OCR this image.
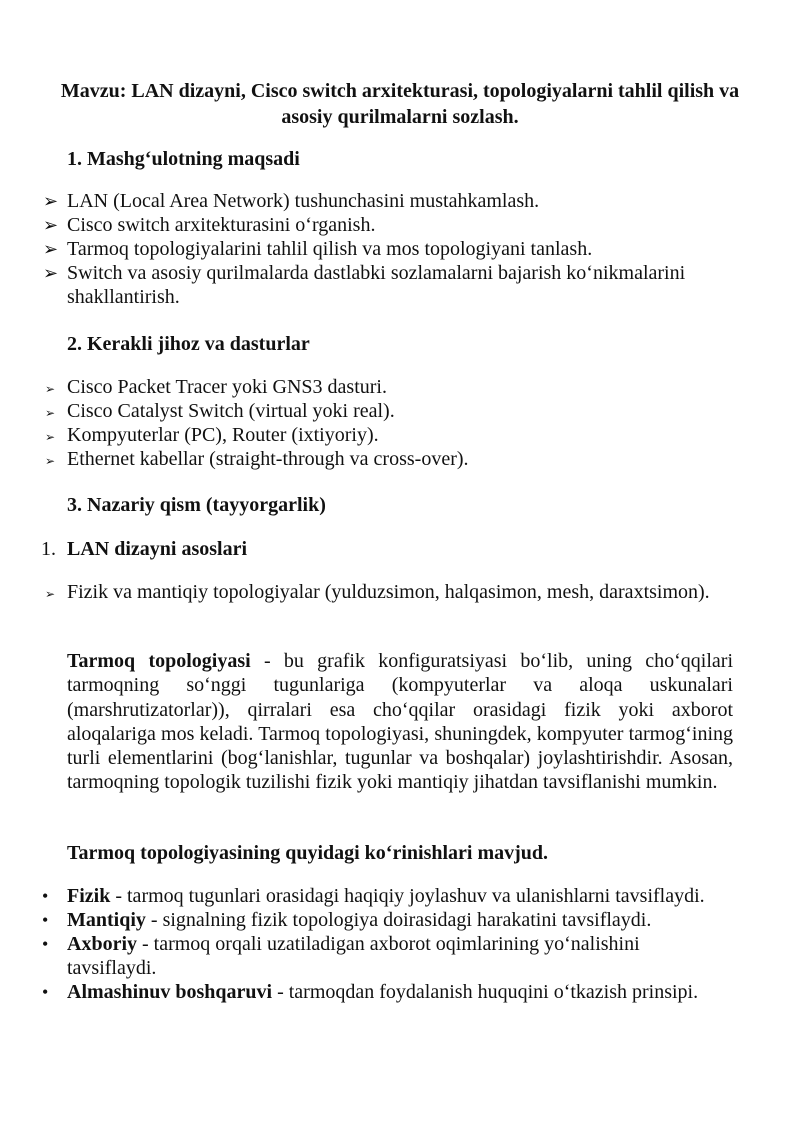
Mavzu: LAN dizayni, Cisco switch arxitekturasi, topologiyalarni tahlil qilish va asosiy qurilmalarni sozlash.
1. Mashg‘ulotning maqsadi
➢ LAN (Local Area Network) tushunchasini mustahkamlash.
➢ Cisco switch arxitekturasini o‘rganish.
➢ Tarmoq topologiyalarini tahlil qilish va mos topologiyani tanlash.
➢ Switch va asosiy qurilmalarda dastlabki sozlamalarni bajarish ko‘nikmalarini shakllantirish.
2. Kerakli jihoz va dasturlar
➢ Cisco Packet Tracer yoki GNS3 dasturi.
➢ Cisco Catalyst Switch (virtual yoki real).
➢ Kompyuterlar (PC), Router (ixtiyoriy).
➢ Ethernet kabellar (straight-through va cross-over).
3. Nazariy qism (tayyorgarlik)
1. LAN dizayni asoslari
➢ Fizik va mantiqiy topologiyalar (yulduzsimon, halqasimon, mesh, daraxtsimon).

Tarmoq topologiyasi - bu grafik konfiguratsiyasi bo‘lib, uning cho‘qqilari tarmoqning so‘nggi tugunlariga (kompyuterlar va aloqa uskunalari (marshrutizatorlar)), qirralari esa cho‘qqilar orasidagi fizik yoki axborot aloqalariga mos keladi. Tarmoq topologiyasi, shuningdek, kompyuter tarmog‘ining turli elementlarini (bog‘lanishlar, tugunlar va boshqalar) joylashtirishdir. Asosan, tarmoqning topologik tuzilishi fizik yoki mantiqiy jihatdan tavsiflanishi mumkin.

Tarmoq topologiyasining quyidagi ko‘rinishlari mavjud.
• Fizik - tarmoq tugunlari orasidagi haqiqiy joylashuv va ulanishlarni tavsiflaydi.
• Mantiqiy - signalning fizik topologiya doirasidagi harakatini tavsiflaydi.
• Axboriy - tarmoq orqali uzatiladigan axborot oqimlarining yo‘nalishini tavsiflaydi.
• Almashinuv boshqaruvi - tarmoqdan foydalanish huquqini o‘tkazish prinsipi.
